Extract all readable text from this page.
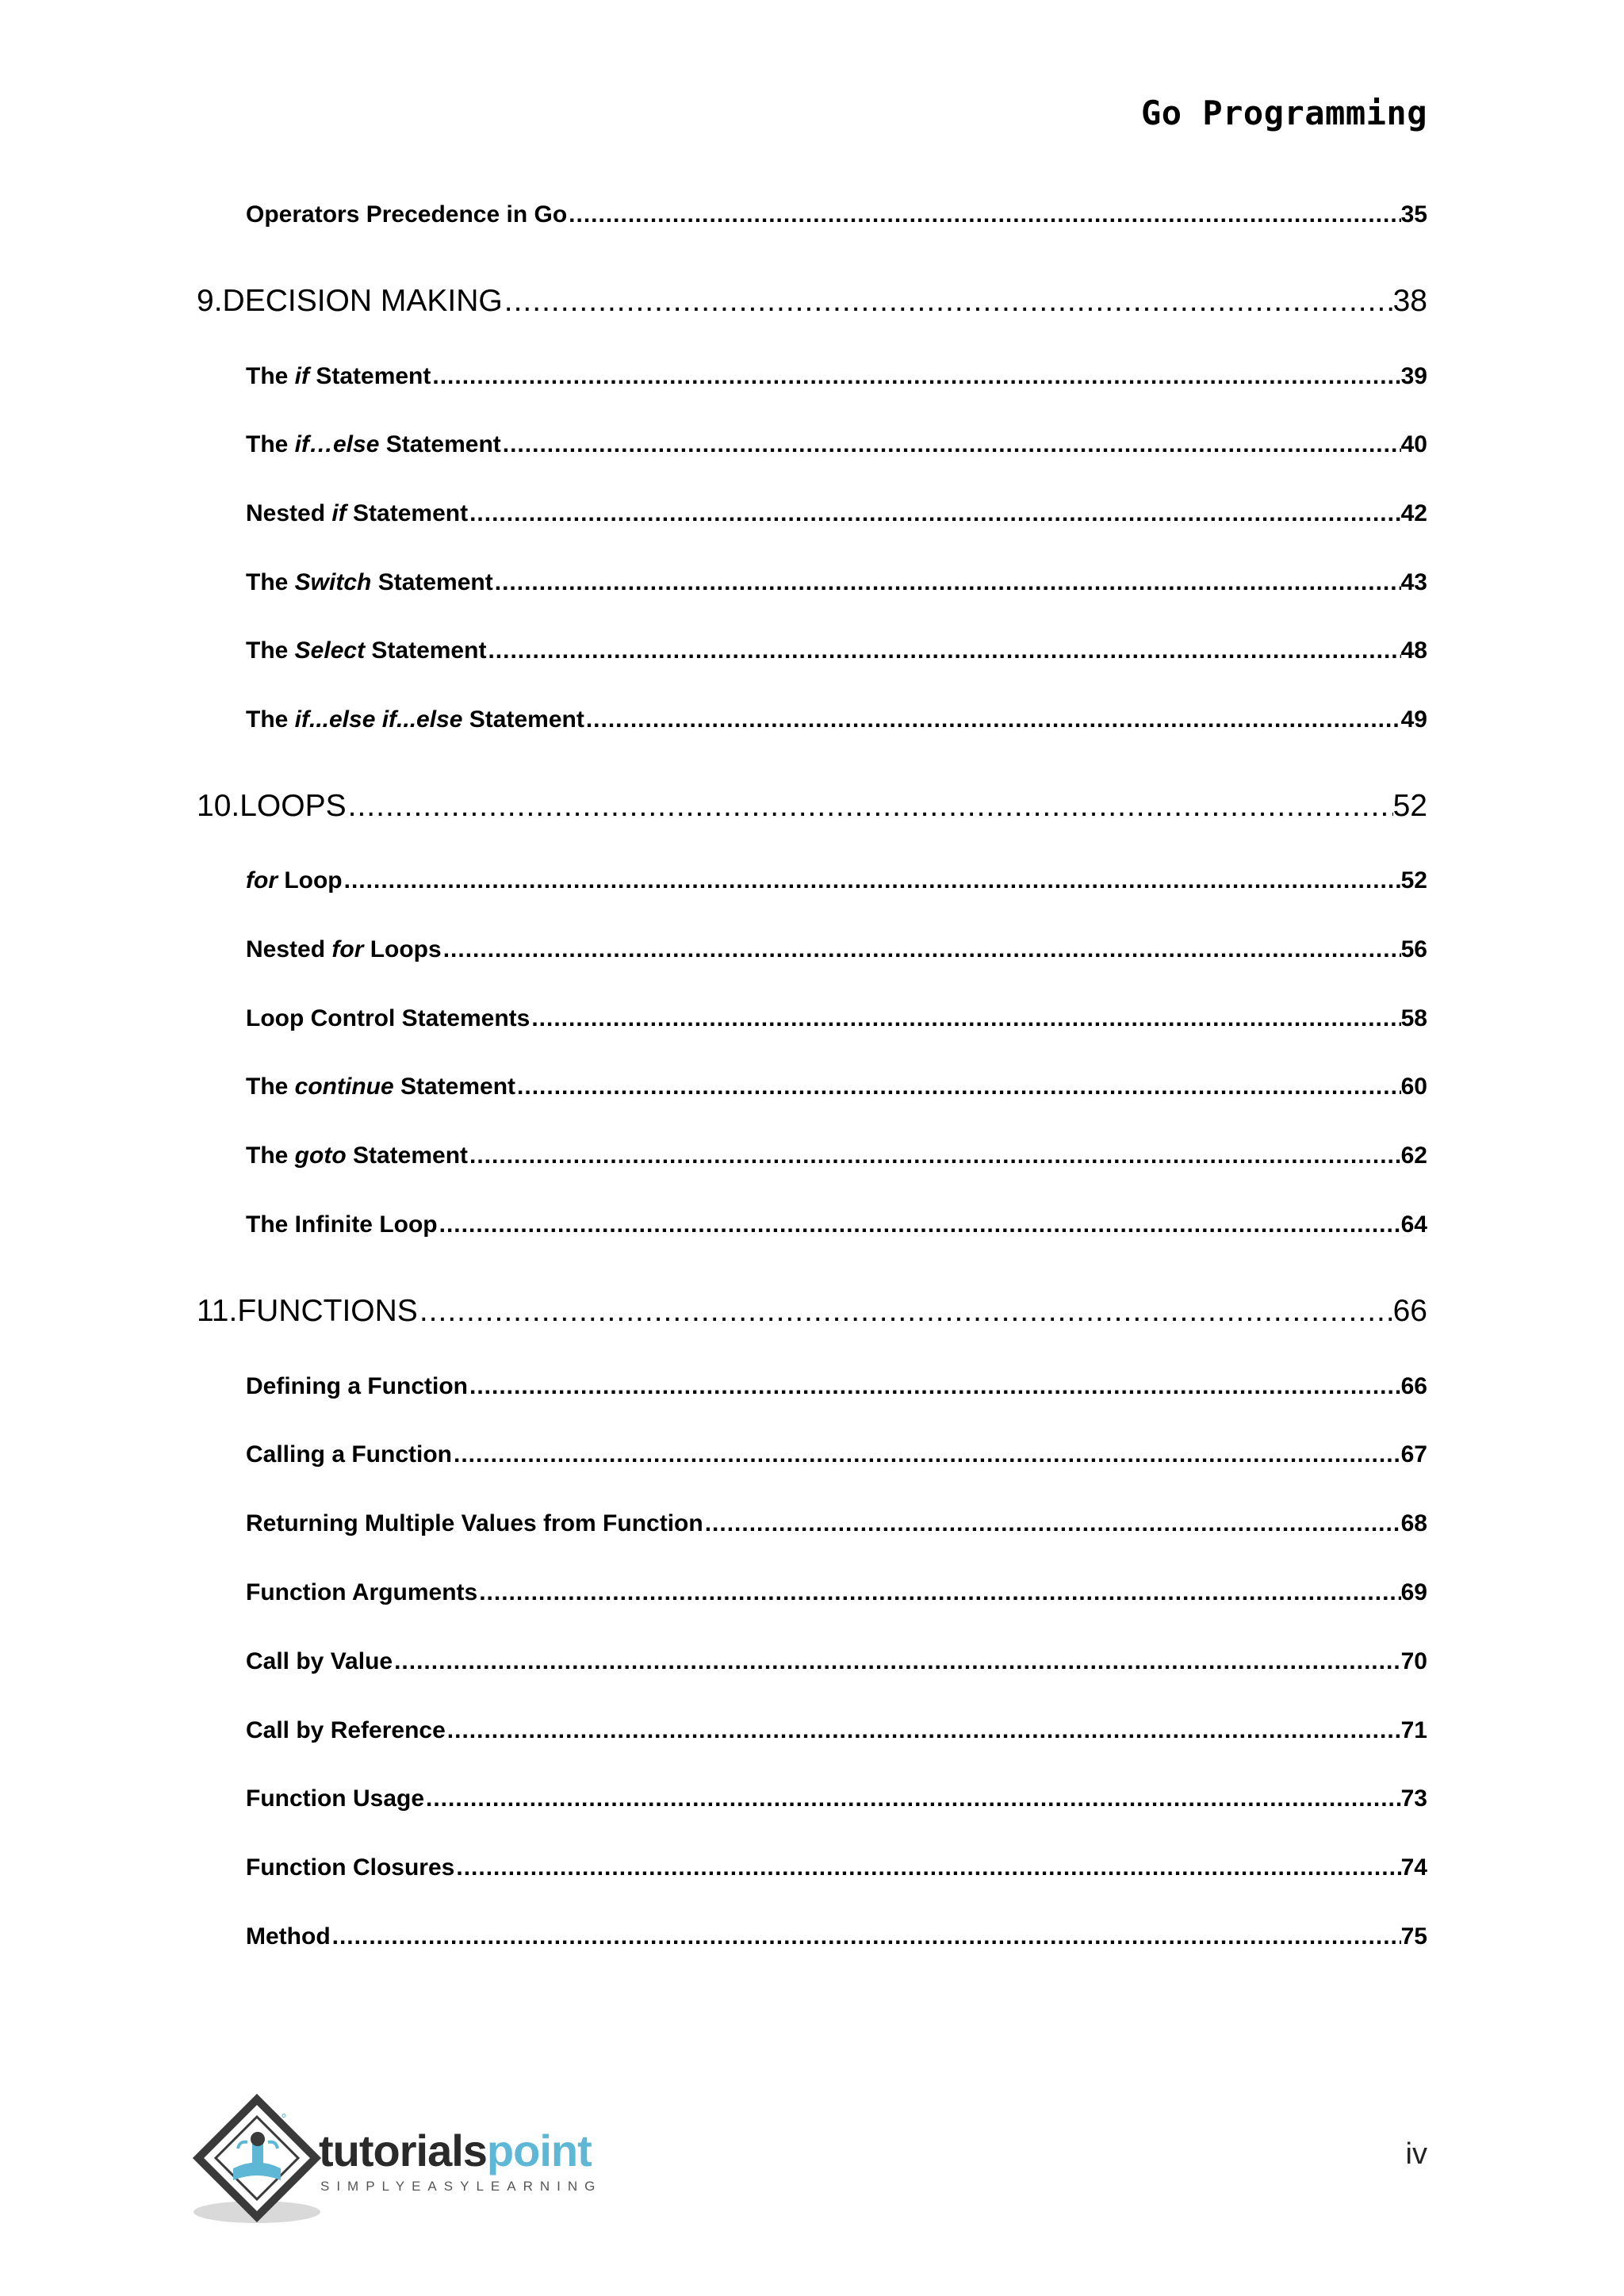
Go Programming
Operators Precedence in Go .....	35
9. DECISION MAKING .....	38
The if Statement .....	39
The if…else Statement .....	40
Nested if Statement .....	42
The Switch Statement .....	43
The Select Statement .....	48
The if...else if...else Statement .....	49
10. LOOPS .....	52
for Loop .....	52
Nested for Loops .....	56
Loop Control Statements .....	58
The continue Statement .....	60
The goto Statement .....	62
The Infinite Loop .....	64
11. FUNCTIONS .....	66
Defining a Function .....	66
Calling a Function .....	67
Returning Multiple Values from Function .....	68
Function Arguments .....	69
Call by Value .....	70
Call by Reference .....	71
Function Usage .....	73
Function Closures .....	74
Method .....	75
°
tutorialspoint
SIMPLYEASYLEARNING
iv
